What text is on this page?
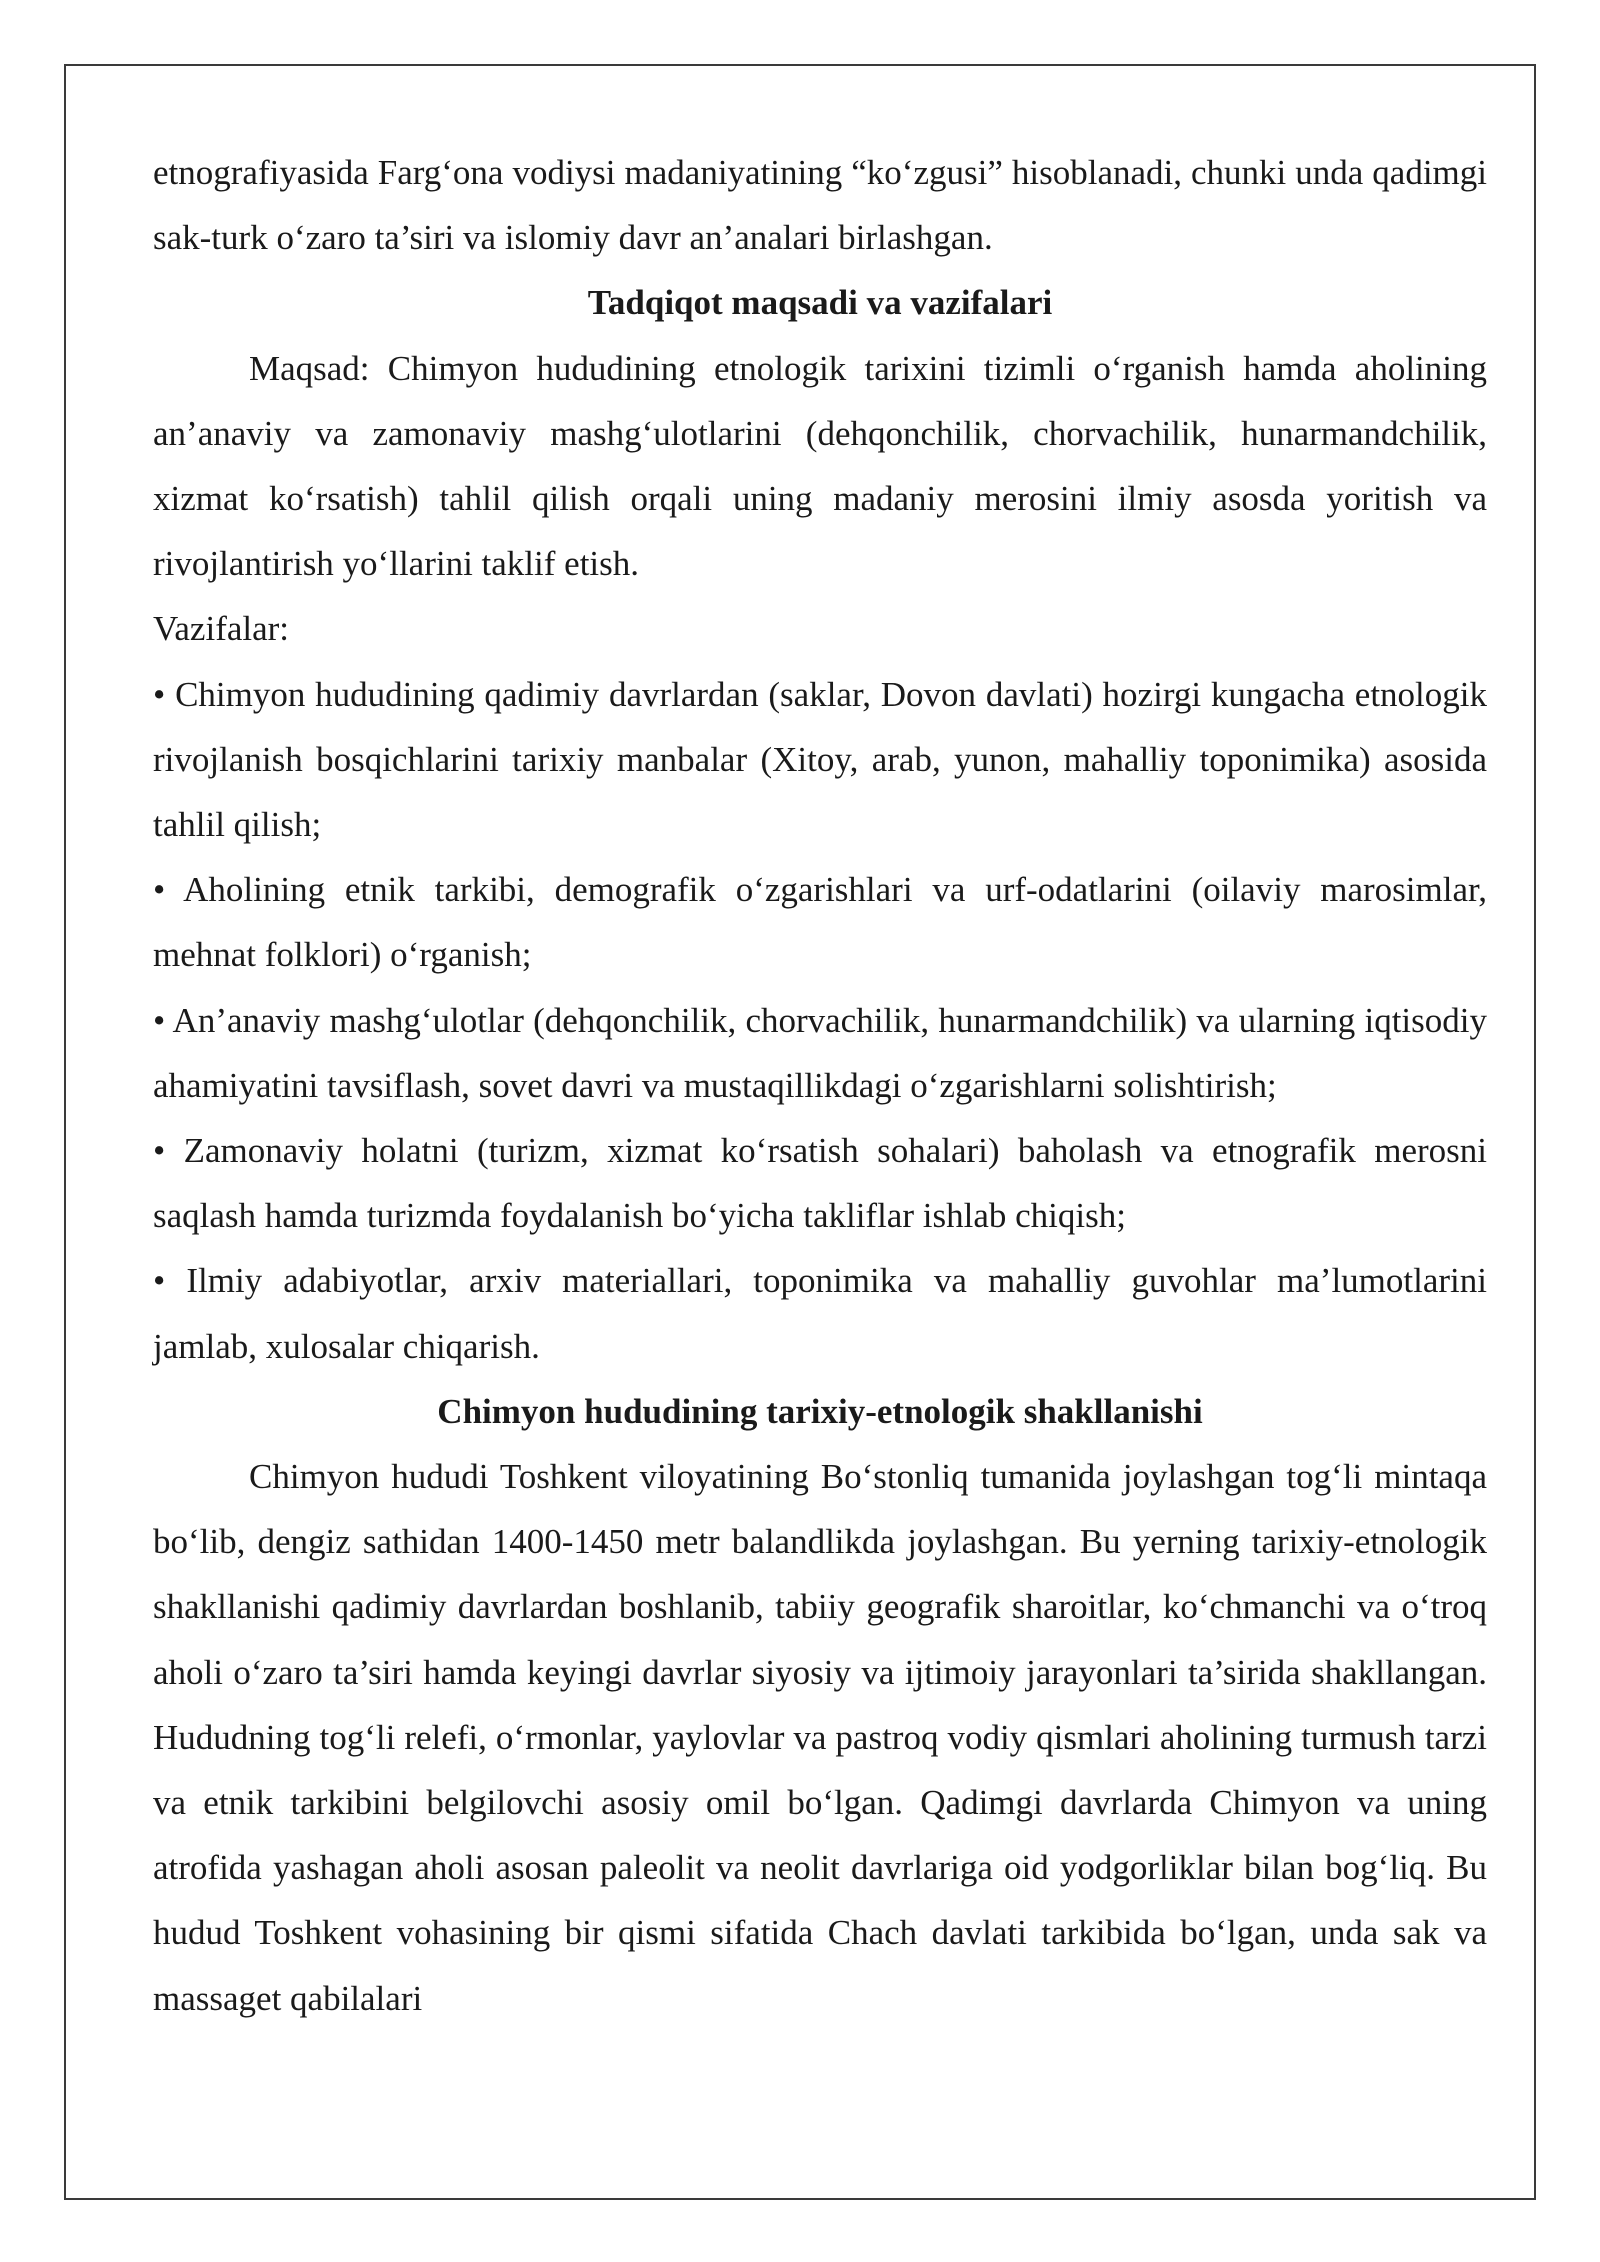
etnografiyasida Farg‘ona vodiysi madaniyatining “ko‘zgusi” hisoblanadi, chunki unda qadimgi sak-turk o‘zaro ta’siri va islomiy davr an’analari birlashgan.

Tadqiqot maqsadi va vazifalari

Maqsad: Chimyon hududining etnologik tarixini tizimli o‘rganish hamda aholining an’anaviy va zamonaviy mashg‘ulotlarini (dehqonchilik, chorvachilik, hunarmandchilik, xizmat ko‘rsatish) tahlil qilish orqali uning madaniy merosini ilmiy asosda yoritish va rivojlantirish yo‘llarini taklif etish.

Vazifalar:

• Chimyon hududining qadimiy davrlardan (saklar, Dovon davlati) hozirgi kungacha etnologik rivojlanish bosqichlarini tarixiy manbalar (Xitoy, arab, yunon, mahalliy toponimika) asosida tahlil qilish;

• Aholining etnik tarkibi, demografik o‘zgarishlari va urf-odatlarini (oilaviy marosimlar, mehnat folklori) o‘rganish;

• An’anaviy mashg‘ulotlar (dehqonchilik, chorvachilik, hunarmandchilik) va ularning iqtisodiy ahamiyatini tavsiflash, sovet davri va mustaqillikdagi o‘zgarishlarni solishtirish;

• Zamonaviy holatni (turizm, xizmat ko‘rsatish sohalari) baholash va etnografik merosni saqlash hamda turizmda foydalanish bo‘yicha takliflar ishlab chiqish;

• Ilmiy adabiyotlar, arxiv materiallari, toponimika va mahalliy guvohlar ma’lumotlarini jamlab, xulosalar chiqarish.

Chimyon hududining tarixiy-etnologik shakllanishi

Chimyon hududi Toshkent viloyatining Bo‘stonliq tumanida joylashgan tog‘li mintaqa bo‘lib, dengiz sathidan 1400-1450 metr balandlikda joylashgan. Bu yerning tarixiy-etnologik shakllanishi qadimiy davrlardan boshlanib, tabiiy geografik sharoitlar, ko‘chmanchi va o‘troq aholi o‘zaro ta’siri hamda keyingi davrlar siyosiy va ijtimoiy jarayonlari ta’sirida shakllangan. Hududning tog‘li relefi, o‘rmonlar, yaylovlar va pastroq vodiy qismlari aholining turmush tarzi va etnik tarkibini belgilovchi asosiy omil bo‘lgan. Qadimgi davrlarda Chimyon va uning atrofida yashagan aholi asosan paleolit va neolit davrlariga oid yodgorliklar bilan bog‘liq. Bu hudud Toshkent vohasining bir qismi sifatida Chach davlati tarkibida bo‘lgan, unda sak va massaget qabilalari
